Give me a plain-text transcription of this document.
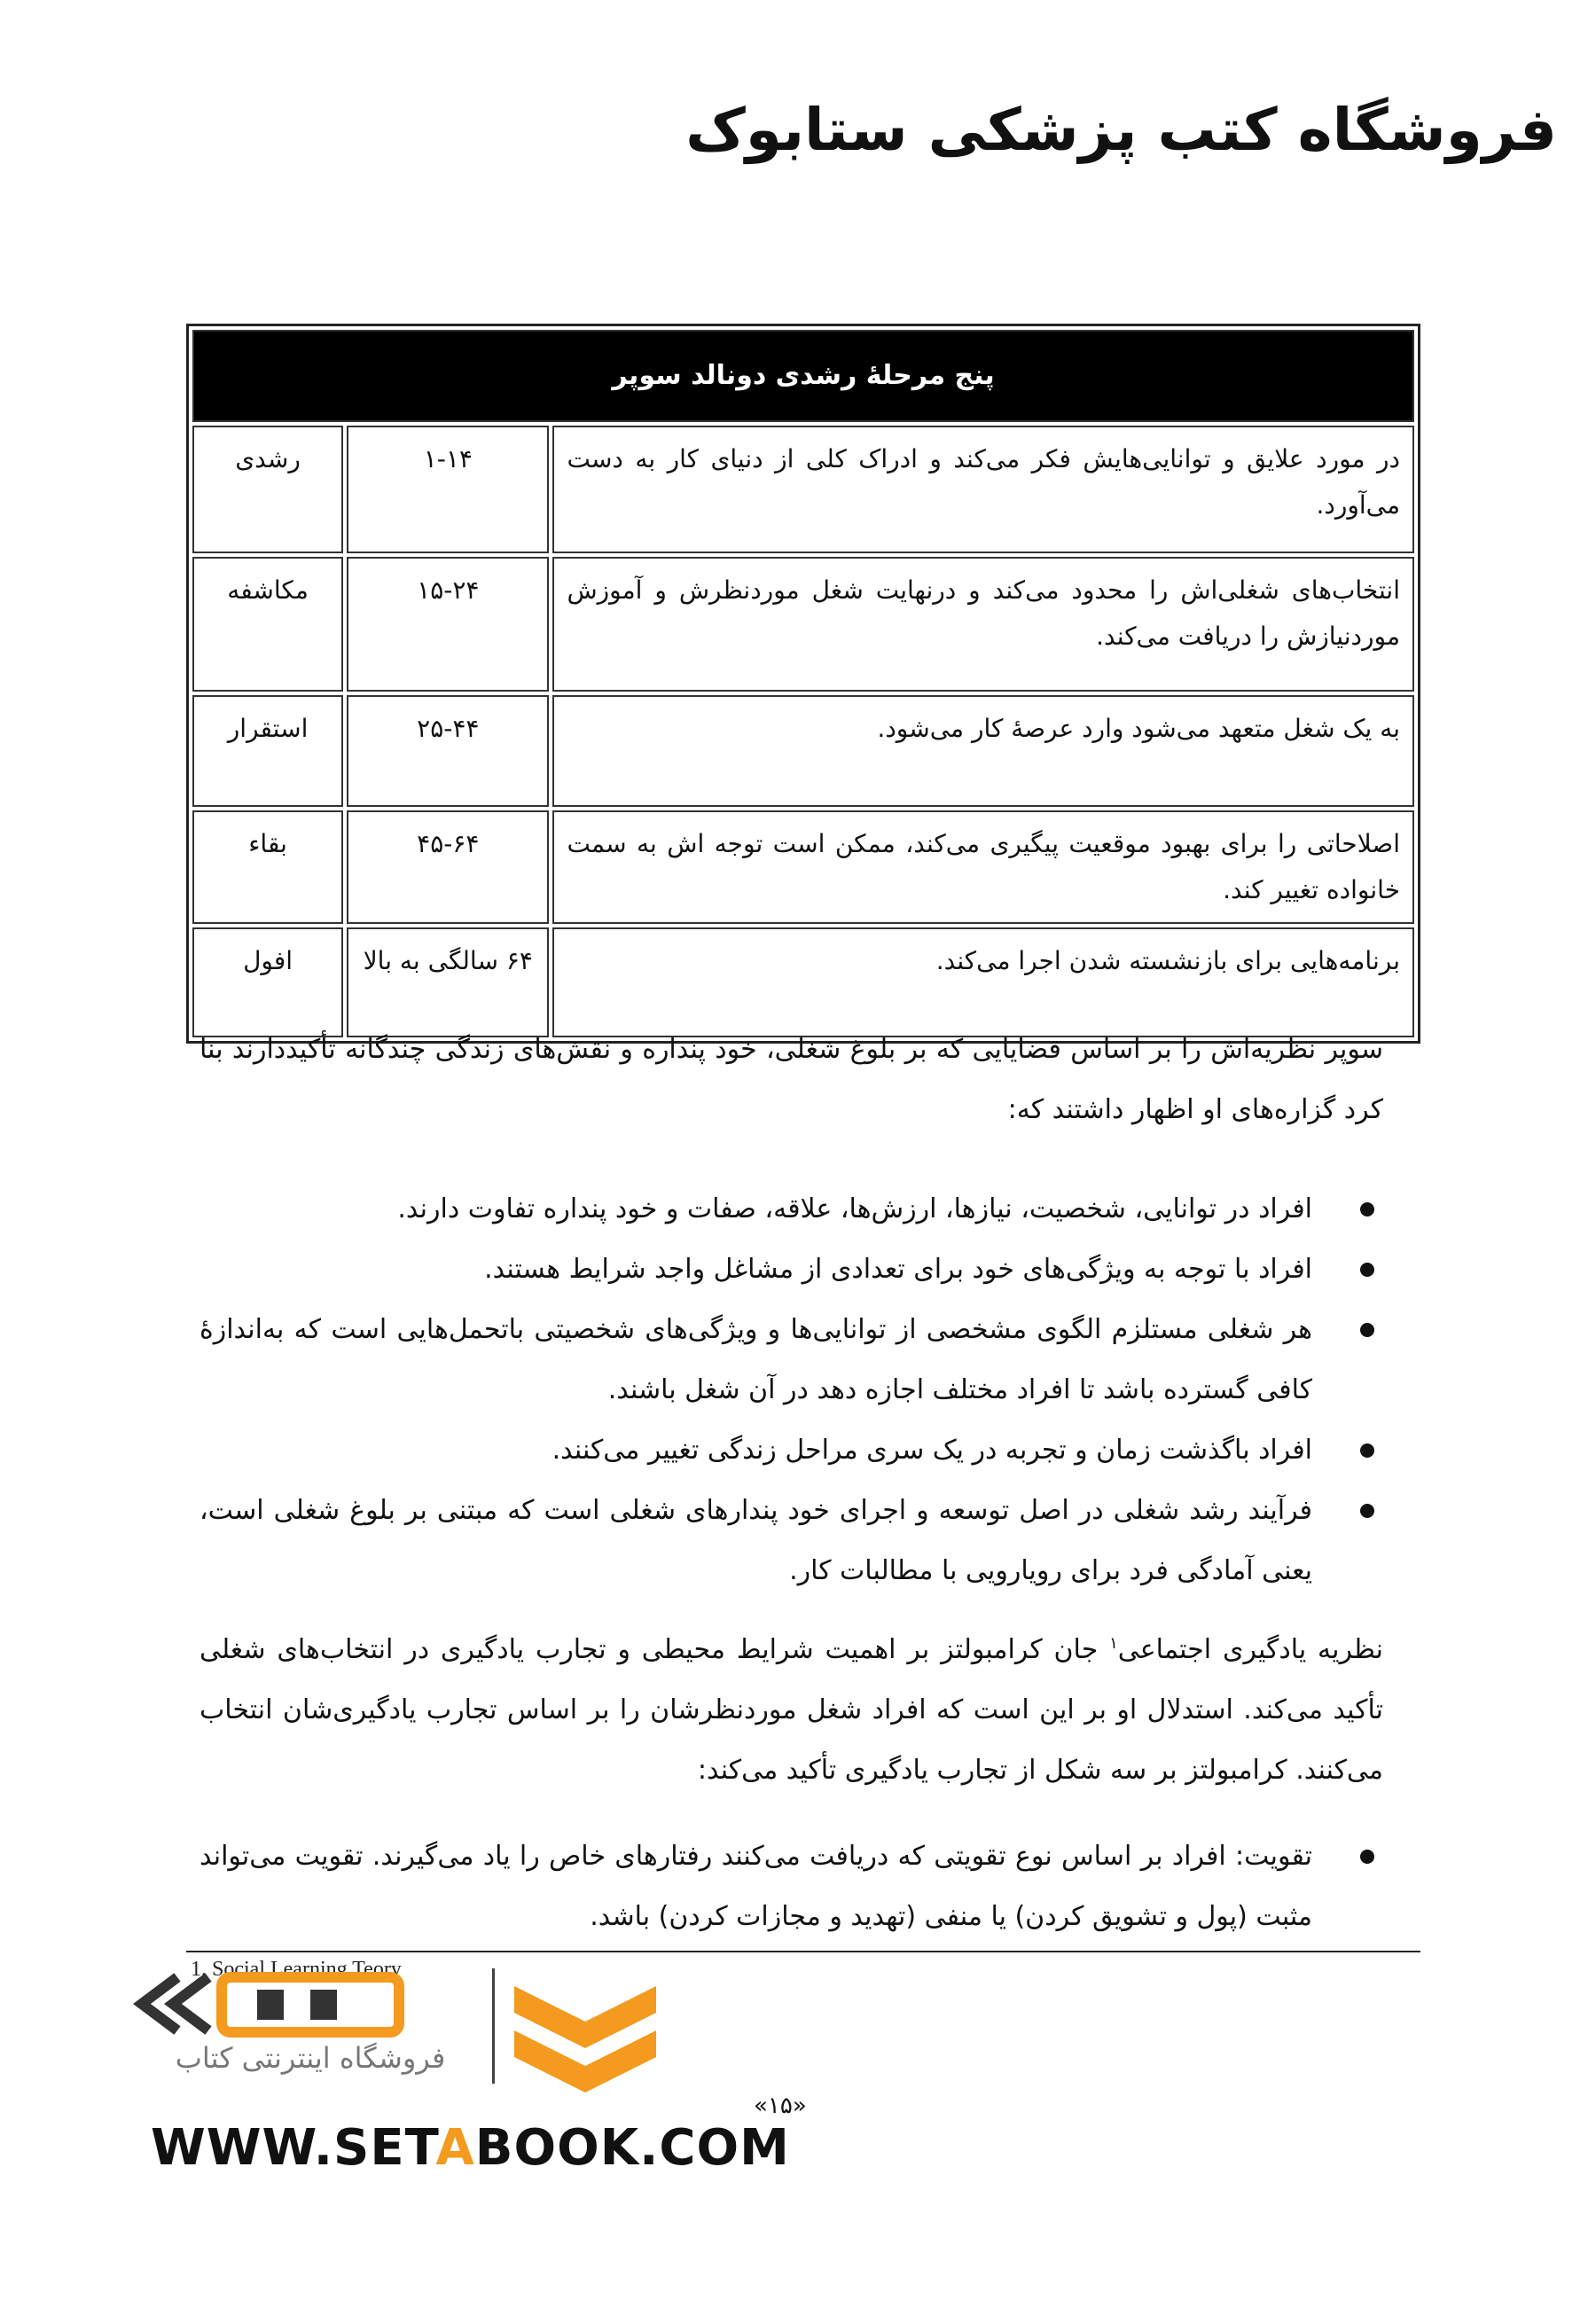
فروشگاه کتب پزشکی ستابوک
پنج مرحلهٔ رشدی دونالد سوپر		
در مورد علایق و توانایی‌هایش فکر می‌کند و ادراک کلی از دنیای کار به دست می‌آورد.	۱-۱۴	رشدی
انتخاب‌های شغلی‌اش را محدود می‌کند و درنهایت شغل موردنظرش و آموزش موردنیازش را دریافت می‌کند.	۱۵-۲۴	مکاشفه
به یک شغل متعهد می‌شود وارد عرصهٔ کار می‌شود.	۲۵-۴۴	استقرار
اصلاحاتی را برای بهبود موقعیت پیگیری می‌کند، ممکن است توجه اش به سمت خانواده تغییر کند.	۴۵-۶۴	بقاء
برنامه‌هایی برای بازنشسته شدن اجرا می‌کند.	۶۴ سالگی به بالا	افول

سوپر نظریه‌اش را بر اساس قضایایی که بر بلوغ شغلی، خود پنداره و نقش‌های زندگی چندگانه تأکیددارند بنا کرد گزاره‌های او اظهار داشتند که:

افراد در توانایی، شخصیت، نیازها، ارزش‌ها، علاقه، صفات و خود پنداره تفاوت دارند.
افراد با توجه به ویژگی‌های خود برای تعدادی از مشاغل واجد شرایط هستند.
هر شغلی مستلزم الگوی مشخصی از توانایی‌ها و ویژگی‌های شخصیتی باتحمل‌هایی است که به‌اندازهٔ کافی گسترده باشد تا افراد مختلف اجازه دهد در آن شغل باشند.
افراد باگذشت زمان و تجربه در یک سری مراحل زندگی تغییر می‌کنند.
فرآیند رشد شغلی در اصل توسعه و اجرای خود پندارهای شغلی است که مبتنی بر بلوغ شغلی است، یعنی آمادگی فرد برای رویارویی با مطالبات کار.

نظریه یادگیری اجتماعی$^۱$ جان کرامبولتز بر اهمیت شرایط محیطی و تجارب یادگیری در انتخاب‌های شغلی تأکید می‌کند. استدلال او بر این است که افراد شغل موردنظرشان را بر اساس تجارب یادگیری‌شان انتخاب می‌کنند. کرامبولتز بر سه شکل از تجارب یادگیری تأکید می‌کند:

تقویت: افراد بر اساس نوع تقویتی که دریافت می‌کنند رفتارهای خاص را یاد می‌گیرند. تقویت می‌تواند مثبت (پول و تشویق کردن) یا منفی (تهدید و مجازات کردن) باشد.
1. Social Learning Teory
«۱۵»
فروشگاه اینترنتی کتاب
WWW.SETABOOK.COM
